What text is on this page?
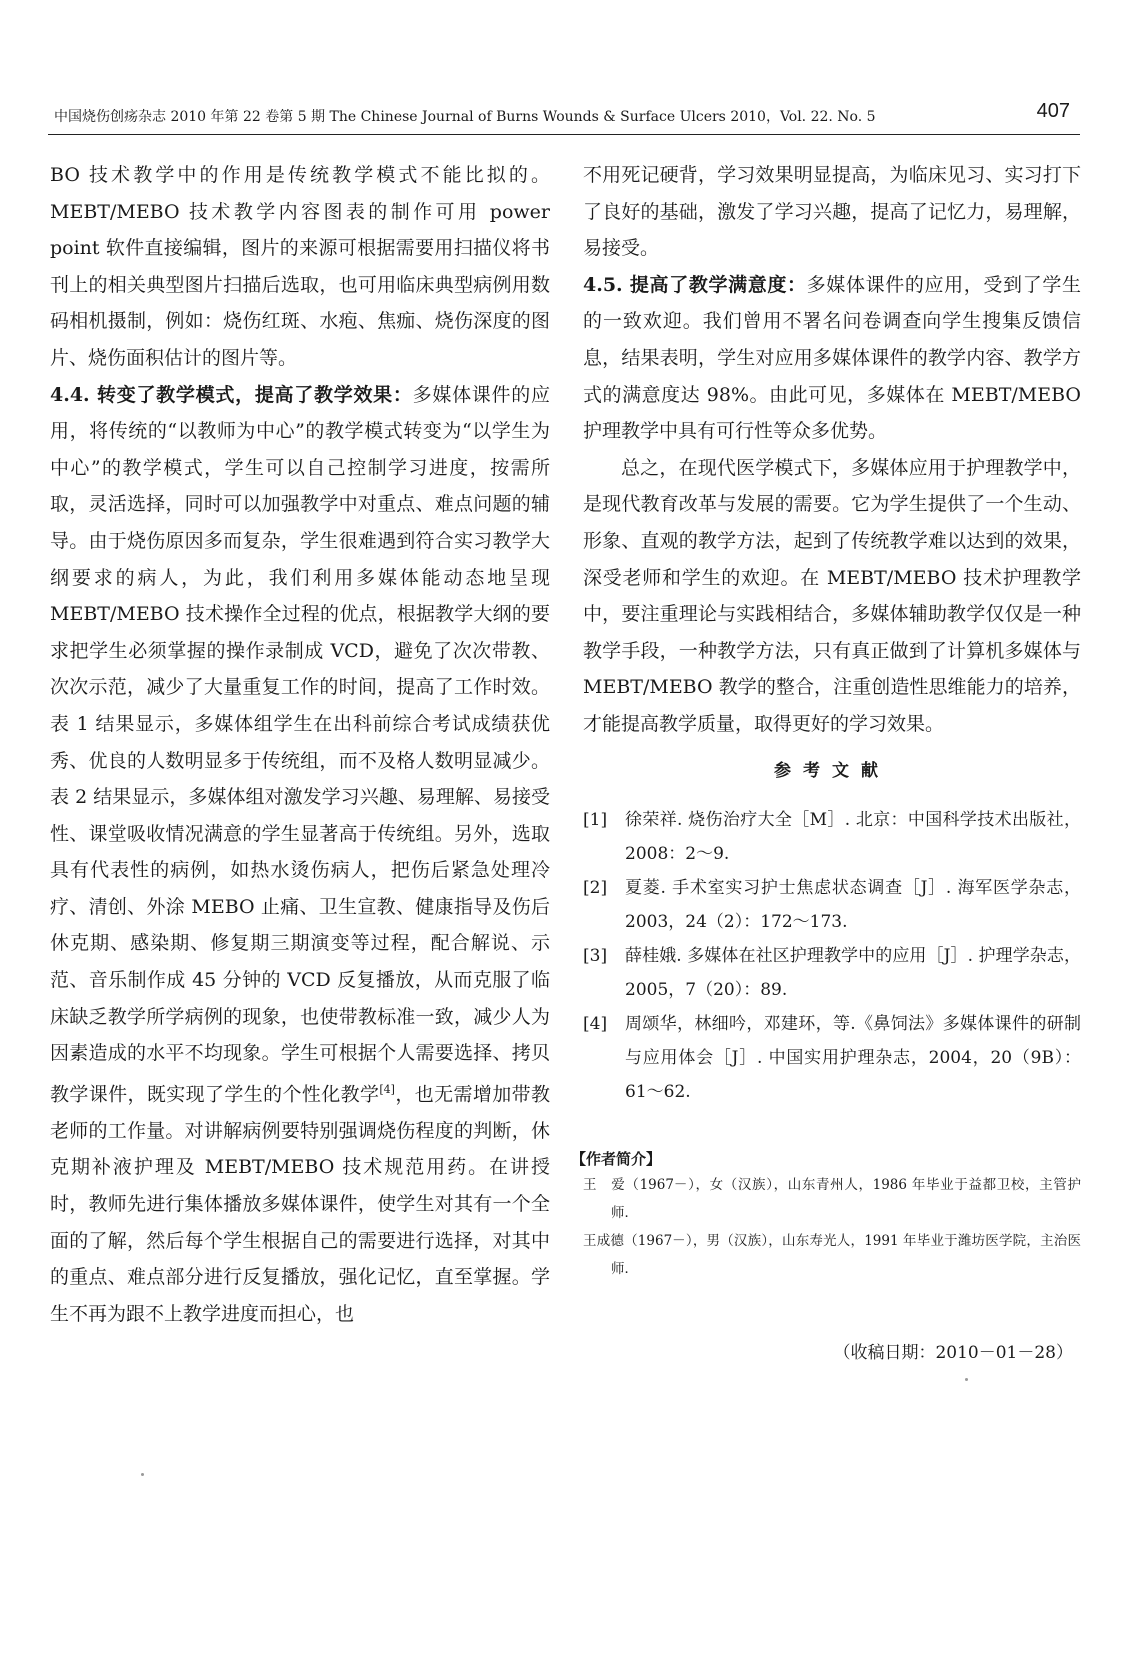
中国烧伤创疡杂志 2010 年第 22 卷第 5 期 The Chinese Journal of Burns Wounds & Surface Ulcers 2010，Vol. 22. No. 5	407

BO 技术教学中的作用是传统教学模式不能比拟的。MEBT/MEBO 技术教学内容图表的制作可用 power point 软件直接编辑，图片的来源可根据需要用扫描仪将书刊上的相关典型图片扫描后选取，也可用临床典型病例用数码相机摄制，例如：烧伤红斑、水疱、焦痂、烧伤深度的图片、烧伤面积估计的图片等。

4.4. 转变了教学模式，提高了教学效果：多媒体课件的应用，将传统的“以教师为中心”的教学模式转变为“以学生为中心”的教学模式，学生可以自己控制学习进度，按需所取，灵活选择，同时可以加强教学中对重点、难点问题的辅导。由于烧伤原因多而复杂，学生很难遇到符合实习教学大纲要求的病人，为此，我们利用多媒体能动态地呈现 MEBT/MEBO 技术操作全过程的优点，根据教学大纲的要求把学生必须掌握的操作录制成 VCD，避免了次次带教、次次示范，减少了大量重复工作的时间，提高了工作时效。表 1 结果显示，多媒体组学生在出科前综合考试成绩获优秀、优良的人数明显多于传统组，而不及格人数明显减少。表 2 结果显示，多媒体组对激发学习兴趣、易理解、易接受性、课堂吸收情况满意的学生显著高于传统组。另外，选取具有代表性的病例，如热水烫伤病人，把伤后紧急处理冷疗、清创、外涂 MEBO 止痛、卫生宣教、健康指导及伤后休克期、感染期、修复期三期演变等过程，配合解说、示范、音乐制作成 45 分钟的 VCD 反复播放，从而克服了临床缺乏教学所学病例的现象，也使带教标准一致，减少人为因素造成的水平不均现象。学生可根据个人需要选择、拷贝教学课件，既实现了学生的个性化教学[4]，也无需增加带教老师的工作量。对讲解病例要特别强调烧伤程度的判断，休克期补液护理及 MEBT/MEBO 技术规范用药。在讲授时，教师先进行集体播放多媒体课件，使学生对其有一个全面的了解，然后每个学生根据自己的需要进行选择，对其中的重点、难点部分进行反复播放，强化记忆，直至掌握。学生不再为跟不上教学进度而担心，也

不用死记硬背，学习效果明显提高，为临床见习、实习打下了良好的基础，激发了学习兴趣，提高了记忆力，易理解，易接受。

4.5. 提高了教学满意度：多媒体课件的应用，受到了学生的一致欢迎。我们曾用不署名问卷调查向学生搜集反馈信息，结果表明，学生对应用多媒体课件的教学内容、教学方式的满意度达 98%。由此可见，多媒体在 MEBT/MEBO 护理教学中具有可行性等众多优势。

总之，在现代医学模式下，多媒体应用于护理教学中，是现代教育改革与发展的需要。它为学生提供了一个生动、形象、直观的教学方法，起到了传统教学难以达到的效果，深受老师和学生的欢迎。在 MEBT/MEBO 技术护理教学中，要注重理论与实践相结合，多媒体辅助教学仅仅是一种教学手段，一种教学方法，只有真正做到了计算机多媒体与 MEBT/MEBO 教学的整合，注重创造性思维能力的培养，才能提高教学质量，取得更好的学习效果。

参考文献

[1] 徐荣祥. 烧伤治疗大全［M］. 北京：中国科学技术出版社，2008：2～9.

[2] 夏菱. 手术室实习护士焦虑状态调查［J］. 海军医学杂志，2003，24（2）：172～173.

[3] 薛桂娥. 多媒体在社区护理教学中的应用［J］. 护理学杂志，2005，7（20）：89.

[4] 周颂华，林细吟，邓建环，等.《鼻饲法》多媒体课件的研制与应用体会［J］. 中国实用护理杂志，2004，20（9B）：61～62.

【作者简介】

王　爱（1967－），女（汉族），山东青州人，1986 年毕业于益都卫校，主管护师．

王成德（1967－），男（汉族），山东寿光人，1991 年毕业于潍坊医学院，主治医师．

（收稿日期：2010－01－28）
